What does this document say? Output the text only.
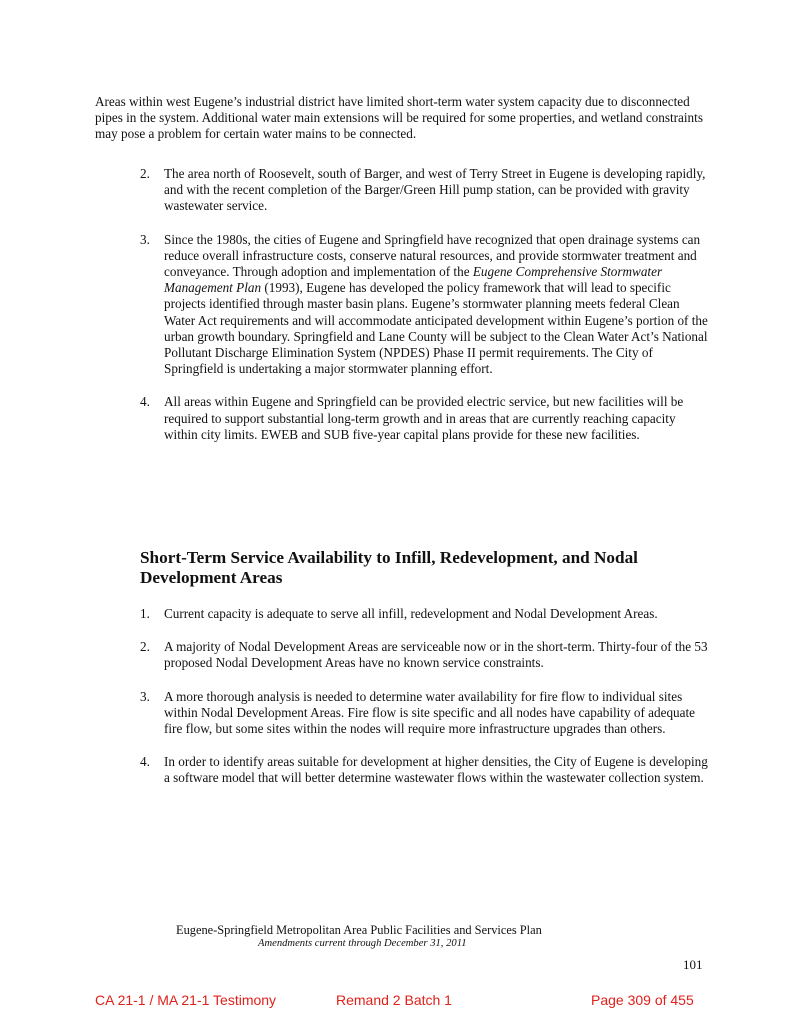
Areas within west Eugene’s industrial district have limited short-term water system capacity due to disconnected pipes in the system. Additional water main extensions will be required for some properties, and wetland constraints may pose a problem for certain water mains to be connected.

2. The area north of Roosevelt, south of Barger, and west of Terry Street in Eugene is developing rapidly, and with the recent completion of the Barger/Green Hill pump station, can be provided with gravity wastewater service.
3. Since the 1980s, the cities of Eugene and Springfield have recognized that open drainage systems can reduce overall infrastructure costs, conserve natural resources, and provide stormwater treatment and conveyance. Through adoption and implementation of the Eugene Comprehensive Stormwater Management Plan (1993), Eugene has developed the policy framework that will lead to specific projects identified through master basin plans. Eugene’s stormwater planning meets federal Clean Water Act requirements and will accommodate anticipated development within Eugene’s portion of the urban growth boundary. Springfield and Lane County will be subject to the Clean Water Act’s National Pollutant Discharge Elimination System (NPDES) Phase II permit requirements. The City of Springfield is undertaking a major stormwater planning effort.
4. All areas within Eugene and Springfield can be provided electric service, but new facilities will be required to support substantial long-term growth and in areas that are currently reaching capacity within city limits. EWEB and SUB five-year capital plans provide for these new facilities.
Short-Term Service Availability to Infill, Redevelopment, and Nodal Development Areas
1. Current capacity is adequate to serve all infill, redevelopment and Nodal Development Areas.
2. A majority of Nodal Development Areas are serviceable now or in the short-term. Thirty-four of the 53 proposed Nodal Development Areas have no known service constraints.
3. A more thorough analysis is needed to determine water availability for fire flow to individual sites within Nodal Development Areas. Fire flow is site specific and all nodes have capability of adequate fire flow, but some sites within the nodes will require more infrastructure upgrades than others.
4. In order to identify areas suitable for development at higher densities, the City of Eugene is developing a software model that will better determine wastewater flows within the wastewater collection system.
Eugene-Springfield Metropolitan Area Public Facilities and Services Plan
Amendments current through December 31, 2011
101
CA 21-1 / MA 21-1 Testimony	Remand 2 Batch 1	Page 309 of 455
